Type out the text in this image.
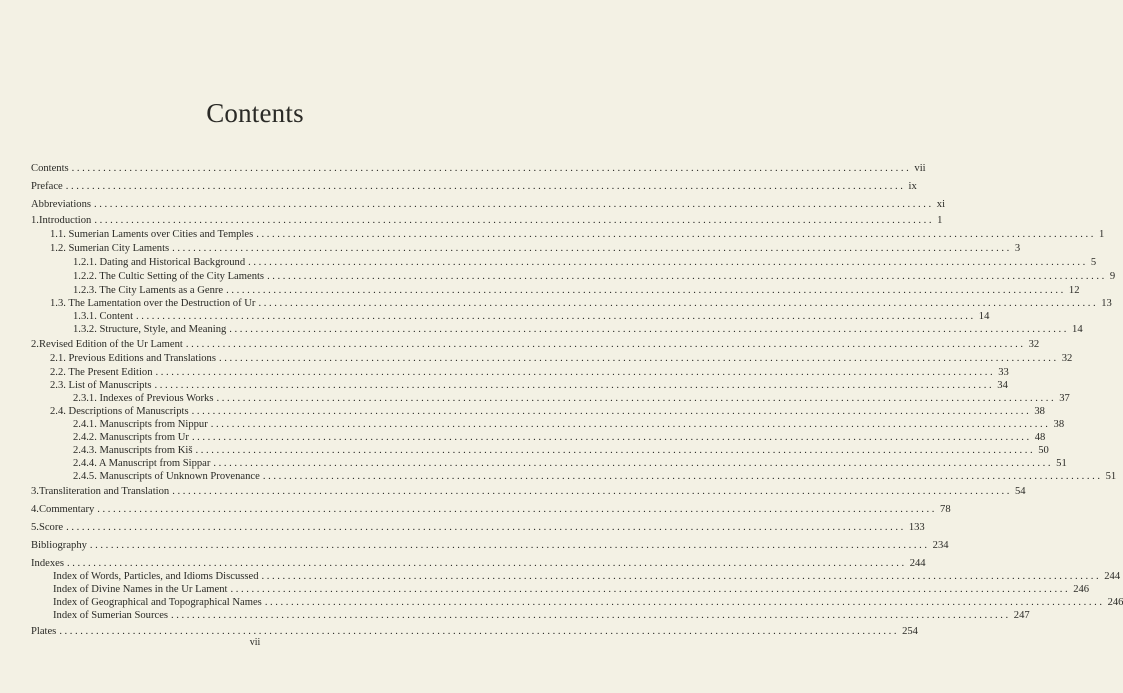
Contents
Contents ................................................................................................................................................................ vii
Preface ................................................................................................................................................................ ix
Abbreviations ................................................................................................................................................................ xi
1. Introduction ................................................................................................................................................................ 1
1.1. Sumerian Laments over Cities and Temples ................................................................................................................................................................ 1
1.2. Sumerian City Laments ................................................................................................................................................................ 3
1.2.1. Dating and Historical Background ................................................................................................................................................................ 5
1.2.2. The Cultic Setting of the City Laments ................................................................................................................................................................ 9
1.2.3. The City Laments as a Genre ................................................................................................................................................................ 12
1.3. The Lamentation over the Destruction of Ur ................................................................................................................................................................ 13
1.3.1. Content ................................................................................................................................................................ 14
1.3.2. Structure, Style, and Meaning ................................................................................................................................................................ 14
2. Revised Edition of the Ur Lament ................................................................................................................................................................ 32
2.1. Previous Editions and Translations ................................................................................................................................................................ 32
2.2. The Present Edition ................................................................................................................................................................ 33
2.3. List of Manuscripts ................................................................................................................................................................ 34
2.3.1. Indexes of Previous Works ................................................................................................................................................................ 37
2.4. Descriptions of Manuscripts ................................................................................................................................................................ 38
2.4.1. Manuscripts from Nippur ................................................................................................................................................................ 38
2.4.2. Manuscripts from Ur ................................................................................................................................................................ 48
2.4.3. Manuscripts from Kiš ................................................................................................................................................................ 50
2.4.4. A Manuscript from Sippar ................................................................................................................................................................ 51
2.4.5. Manuscripts of Unknown Provenance ................................................................................................................................................................ 51
3. Transliteration and Translation ................................................................................................................................................................ 54
4. Commentary ................................................................................................................................................................ 78
5. Score ................................................................................................................................................................ 133
Bibliography ................................................................................................................................................................ 234
Indexes ................................................................................................................................................................ 244
Index of Words, Particles, and Idioms Discussed ................................................................................................................................................................ 244
Index of Divine Names in the Ur Lament ................................................................................................................................................................ 246
Index of Geographical and Topographical Names ................................................................................................................................................................ 246
Index of Sumerian Sources ................................................................................................................................................................ 247
Plates ................................................................................................................................................................ 254
vii
